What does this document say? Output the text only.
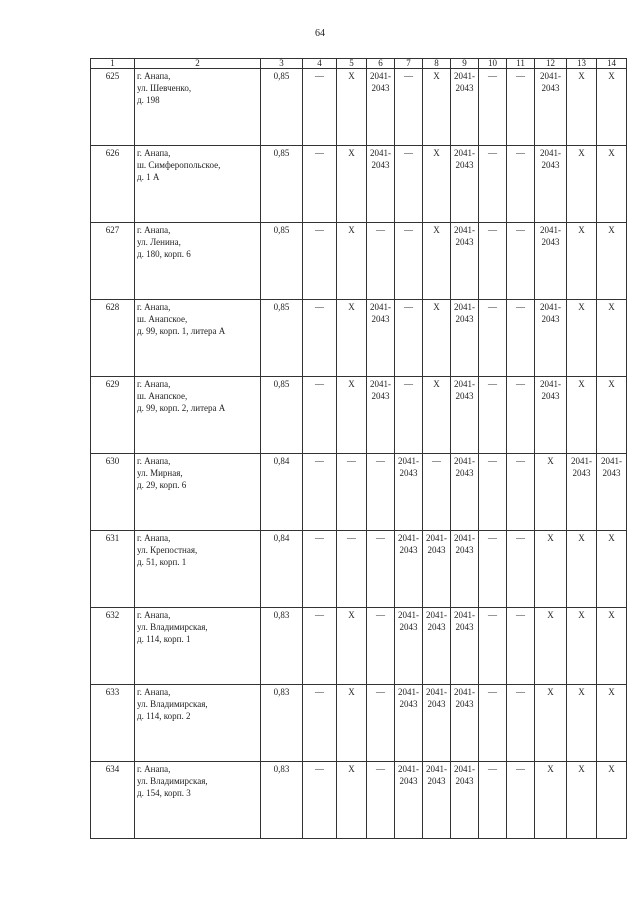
64
1	2	3	4	5	6	7	8	9	10	11	12	13	14
625	г. Анапа,
ул. Шевченко,
д. 198	0,85	—	X	2041-
2043	—	X	2041-
2043	—	—	2041-
2043	X	X
626	г. Анапа,
ш. Симферопольское,
д. 1 А	0,85	—	X	2041-
2043	—	X	2041-
2043	—	—	2041-
2043	X	X
627	г. Анапа,
ул. Ленина,
д. 180, корп. 6	0,85	—	X	—	—	X	2041-
2043	—	—	2041-
2043	X	X
628	г. Анапа,
ш. Анапское,
д. 99, корп. 1, литера А	0,85	—	X	2041-
2043	—	X	2041-
2043	—	—	2041-
2043	X	X
629	г. Анапа,
ш. Анапское,
д. 99, корп. 2, литера А	0,85	—	X	2041-
2043	—	X	2041-
2043	—	—	2041-
2043	X	X
630	г. Анапа,
ул. Мирная,
д. 29, корп. 6	0,84	—	—	—	2041-
2043	—	2041-
2043	—	—	X	2041-
2043	2041-
2043

631	г. Анапа,
ул. Крепостная,
д. 51, корп. 1	0,84	—	—	—	2041-
2043	2041-
2043	2041-
2043	—	—	X	X	X
632	г. Анапа,
ул. Владимирская,
д. 114, корп. 1	0,83	—	X	—	2041-
2043	2041-
2043	2041-
2043	—	—	X	X	X
633	г. Анапа,
ул. Владимирская,
д. 114, корп. 2	0,83	—	X	—	2041-
2043	2041-
2043	2041-
2043	—	—	X	X	X
634	г. Анапа,
ул. Владимирская,
д. 154, корп. 3	0,83	—	X	—	2041-
2043	2041-
2043	2041-
2043	—	—	X	X	X
